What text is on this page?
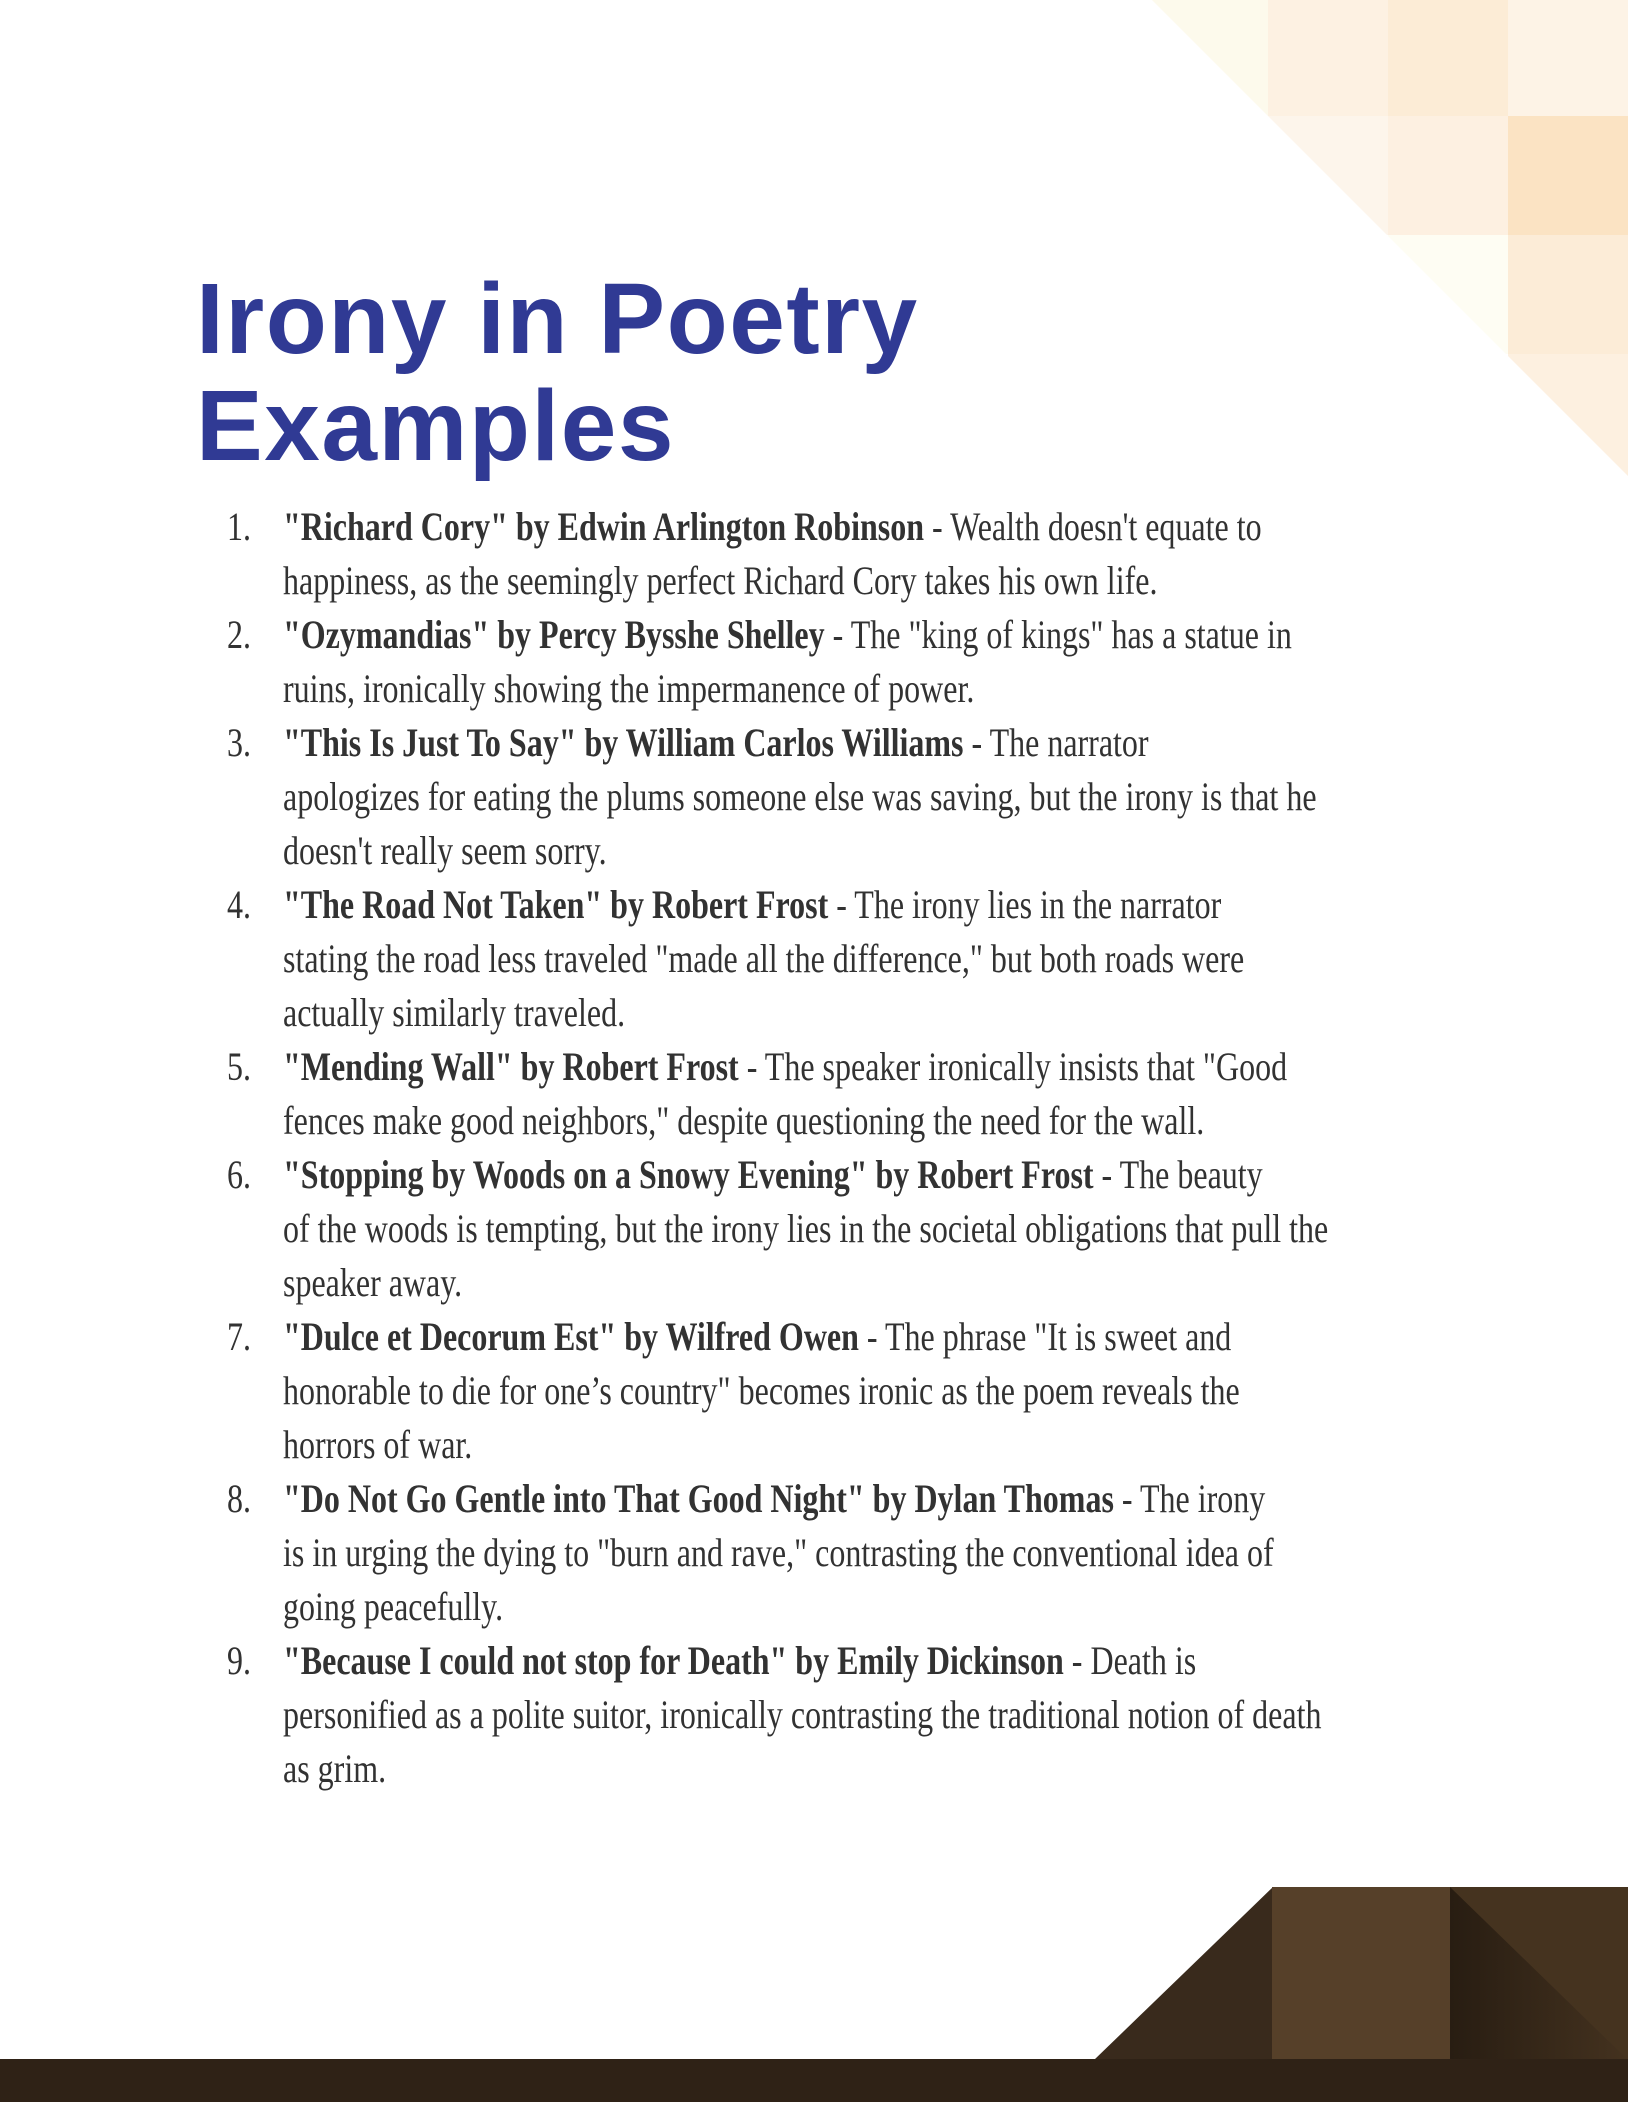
Irony in Poetry Examples
1. "Richard Cory" by Edwin Arlington Robinson - Wealth doesn't equate to
happiness, as the seemingly perfect Richard Cory takes his own life.

2. "Ozymandias" by Percy Bysshe Shelley - The "king of kings" has a statue in
ruins, ironically showing the impermanence of power.

3. "This Is Just To Say" by William Carlos Williams - The narrator
apologizes for eating the plums someone else was saving, but the irony is that he
doesn't really seem sorry.

4. "The Road Not Taken" by Robert Frost - The irony lies in the narrator
stating the road less traveled "made all the difference," but both roads were
actually similarly traveled.

5. "Mending Wall" by Robert Frost - The speaker ironically insists that "Good
fences make good neighbors," despite questioning the need for the wall.

6. "Stopping by Woods on a Snowy Evening" by Robert Frost - The beauty
of the woods is tempting, but the irony lies in the societal obligations that pull the
speaker away.

7. "Dulce et Decorum Est" by Wilfred Owen - The phrase "It is sweet and
honorable to die for one’s country" becomes ironic as the poem reveals the
horrors of war.

8. "Do Not Go Gentle into That Good Night" by Dylan Thomas - The irony
is in urging the dying to "burn and rave," contrasting the conventional idea of
going peacefully.

9. "Because I could not stop for Death" by Emily Dickinson - Death is
personified as a polite suitor, ironically contrasting the traditional notion of death
as grim.
